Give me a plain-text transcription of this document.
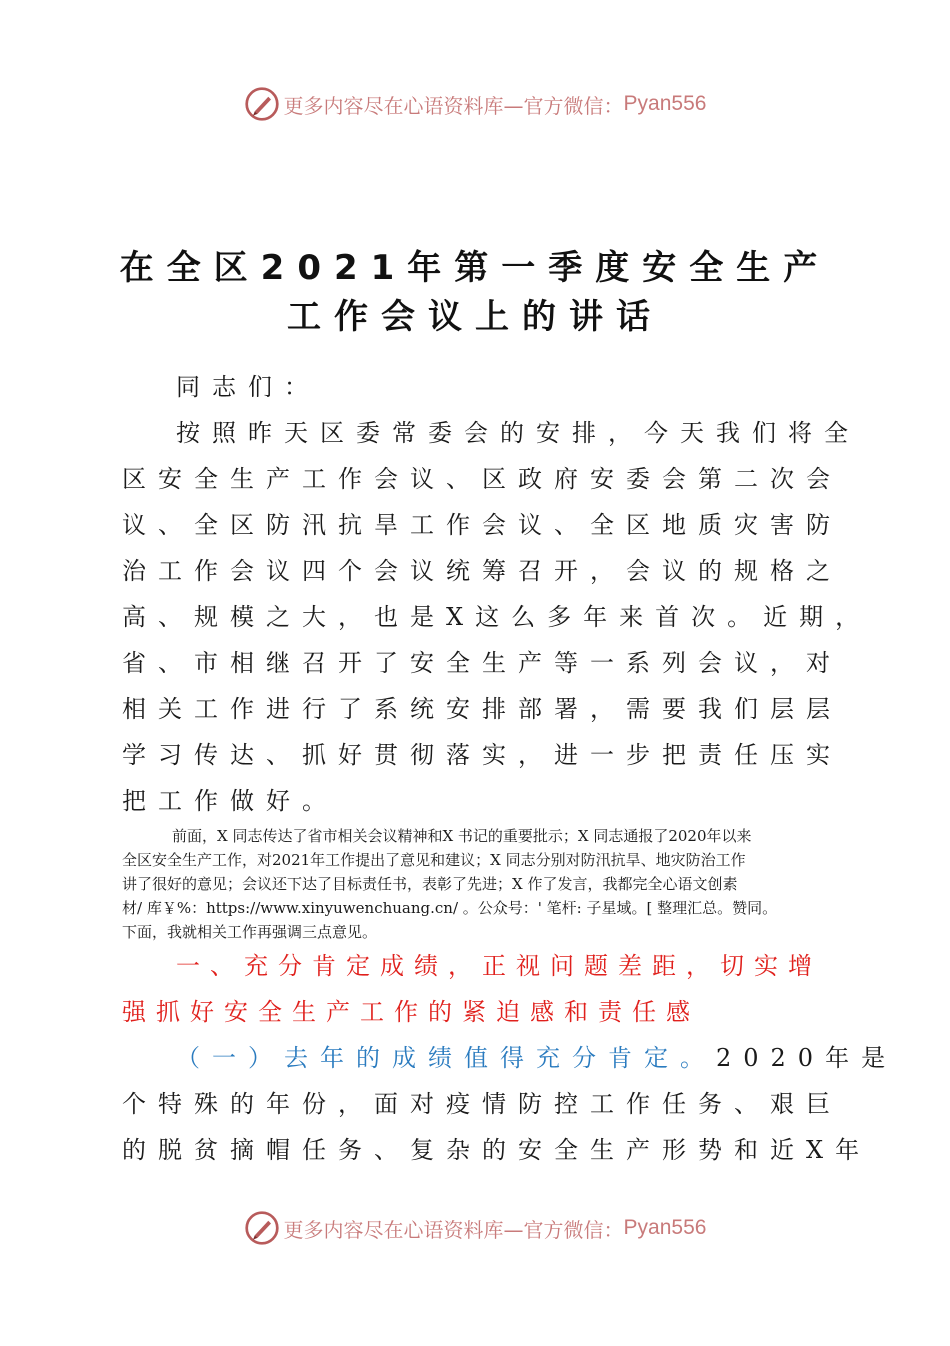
更多内容尽在心语资料库—官方微信： Pyan556
在全区2021年第一季度安全生产
工作会议上的讲话
同志们：
按照昨天区委常委会的安排，今天我们将全
区安全生产工作会议、区政府安委会第二次会
议、全区防汛抗旱工作会议、全区地质灾害防
治工作会议四个会议统筹召开，会议的规格之
高、规模之大，也是X这么多年来首次。近期，
省、市相继召开了安全生产等一系列会议，对
相关工作进行了系统安排部署，需要我们层层
学习传达、抓好贯彻落实，进一步把责任压实
把工作做好。
前面，X 同志传达了省市相关会议精神和X 书记的重要批示；X 同志通报了2020年以来
全区安全生产工作，对2021年工作提出了意见和建议；X 同志分别对防汛抗旱、地灾防治工作
讲了很好的意见；会议还下达了目标责任书，表彰了先进；X 作了发言，我都完全心语文创素
材/ 库￥%：https://www.xinyuwenchuang.cn/ 。公众号：' 笔杆: 子星域。[ 整理汇总。赞同。
下面，我就相关工作再强调三点意见。
一、充分肯定成绩，正视问题差距，切实增
强抓好安全生产工作的紧迫感和责任感
（一）去年的成绩值得充分肯定。2020年是
个特殊的年份，面对疫情防控工作任务、艰巨
的脱贫摘帽任务、复杂的安全生产形势和近X年
更多内容尽在心语资料库—官方微信： Pyan556
